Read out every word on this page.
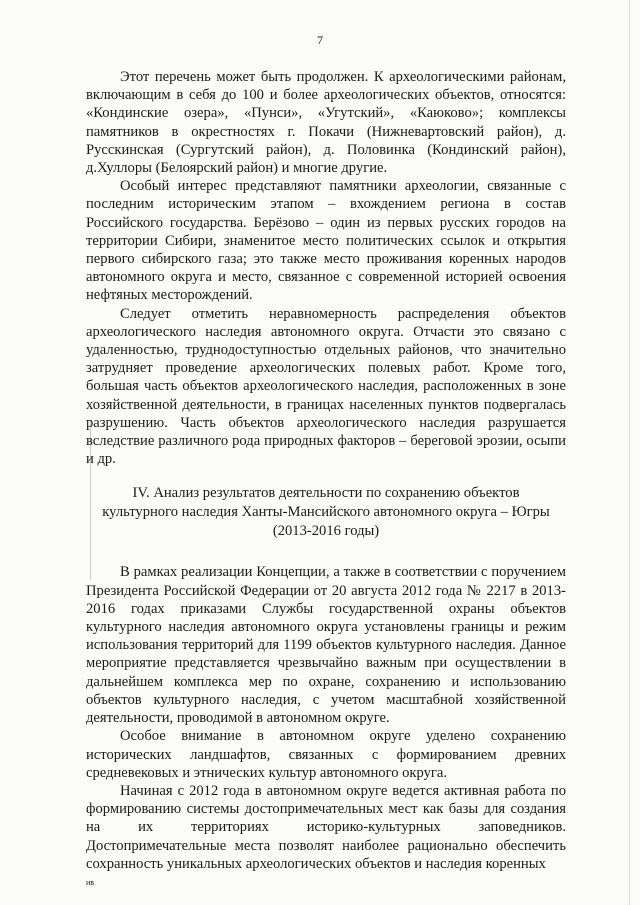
7

Этот перечень может быть продолжен. К археологическими районам, включающим в себя до 100 и более археологических объектов, относятся: «Кондинские озера», «Пунси», «Угутский», «Каюково»; комплексы памятников в окрестностях г. Покачи (Нижневартовский район), д. Русскинская (Сургутский район), д. Половинка (Кондинский район), д.Хуллоры (Белоярский район) и многие другие.

Особый интерес представляют памятники археологии, связанные с последним историческим этапом – вхождением региона в состав Российского государства. Берёзово – один из первых русских городов на территории Сибири, знаменитое место политических ссылок и открытия первого сибирского газа; это также место проживания коренных народов автономного округа и место, связанное с современной историей освоения нефтяных месторождений.

Следует отметить неравномерность распределения объектов археологического наследия автономного округа. Отчасти это связано с удаленностью, труднодоступностью отдельных районов, что значительно затрудняет проведение археологических полевых работ. Кроме того, большая часть объектов археологического наследия, расположенных в зоне хозяйственной деятельности, в границах населенных пунктов подвергалась разрушению. Часть объектов археологического наследия разрушается вследствие различного рода природных факторов – береговой эрозии, осыпи и др.

IV. Анализ результатов деятельности по сохранению объектов
культурного наследия Ханты-Мансийского автономного округа – Югры
(2013-2016 годы)

В рамках реализации Концепции, а также в соответствии с поручением Президента Российской Федерации от 20 августа 2012 года № 2217 в 2013-2016 годах приказами Службы государственной охраны объектов культурного наследия автономного округа установлены границы и режим использования территорий для 1199 объектов культурного наследия. Данное мероприятие представляется чрезвычайно важным при осуществлении в дальнейшем комплекса мер по охране, сохранению и использованию объектов культурного наследия, с учетом масштабной хозяйственной деятельности, проводимой в автономном округе.

Особое внимание в автономном округе уделено сохранению исторических ландшафтов, связанных с формированием древних средневековых и этнических культур автономного округа.

Начиная с 2012 года в автономном округе ведется активная работа по формированию системы достопримечательных мест как базы для создания на их территориях историко-культурных заповедников. Достопримечательные места позволят наиболее рационально обеспечить сохранность уникальных археологических объектов и наследия коренных

ив
